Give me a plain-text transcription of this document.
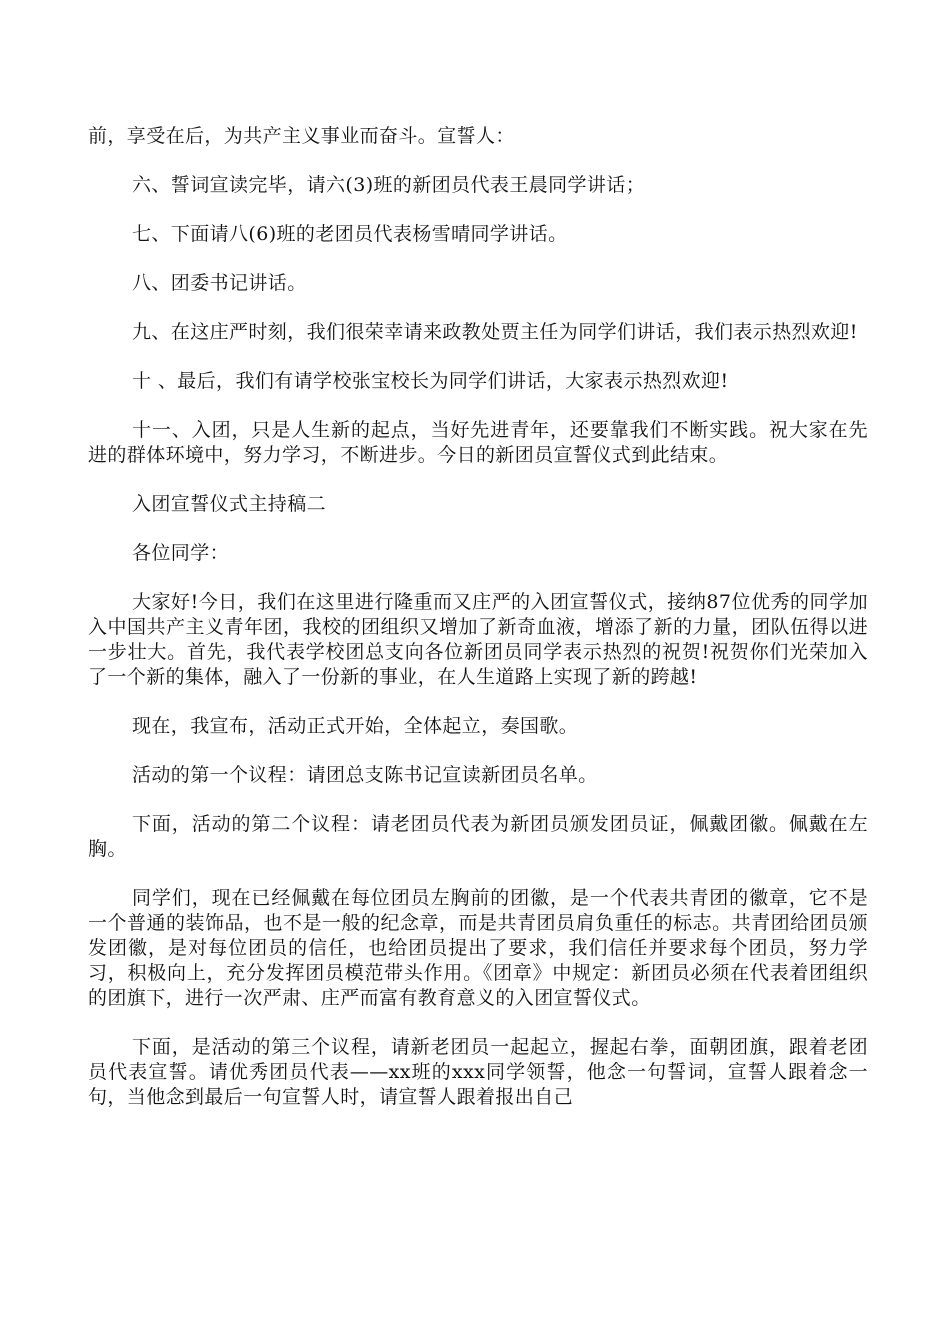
前，享受在后，为共产主义事业而奋斗。宣誓人：

六、誓词宣读完毕，请六(3)班的新团员代表王晨同学讲话；

七、下面请八(6)班的老团员代表杨雪晴同学讲话。

八、团委书记讲话。

九、在这庄严时刻，我们很荣幸请来政教处贾主任为同学们讲话，我们表示热烈欢迎!

十 、最后，我们有请学校张宝校长为同学们讲话，大家表示热烈欢迎!

十一、入团，只是人生新的起点，当好先进青年，还要靠我们不断实践。祝大家在先进的群体环境中，努力学习，不断进步。今日的新团员宣誓仪式到此结束。

入团宣誓仪式主持稿二

各位同学：

大家好!今日，我们在这里进行隆重而又庄严的入团宣誓仪式，接纳87位优秀的同学加入中国共产主义青年团，我校的团组织又增加了新奇血液，增添了新的力量，团队伍得以进一步壮大。首先，我代表学校团总支向各位新团员同学表示热烈的祝贺!祝贺你们光荣加入了一个新的集体，融入了一份新的事业，在人生道路上实现了新的跨越!

现在，我宣布，活动正式开始，全体起立，奏国歌。

活动的第一个议程：请团总支陈书记宣读新团员名单。

下面，活动的第二个议程：请老团员代表为新团员颁发团员证，佩戴团徽。佩戴在左胸。

同学们，现在已经佩戴在每位团员左胸前的团徽，是一个代表共青团的徽章，它不是一个普通的装饰品，也不是一般的纪念章，而是共青团员肩负重任的标志。共青团给团员颁发团徽，是对每位团员的信任，也给团员提出了要求，我们信任并要求每个团员，努力学习，积极向上，充分发挥团员模范带头作用。《团章》中规定：新团员必须在代表着团组织的团旗下，进行一次严肃、庄严而富有教育意义的入团宣誓仪式。

下面，是活动的第三个议程，请新老团员一起起立，握起右拳，面朝团旗，跟着老团员代表宣誓。请优秀团员代表——xx班的xxx同学领誓，他念一句誓词，宣誓人跟着念一句，当他念到最后一句宣誓人时，请宣誓人跟着报出自己
